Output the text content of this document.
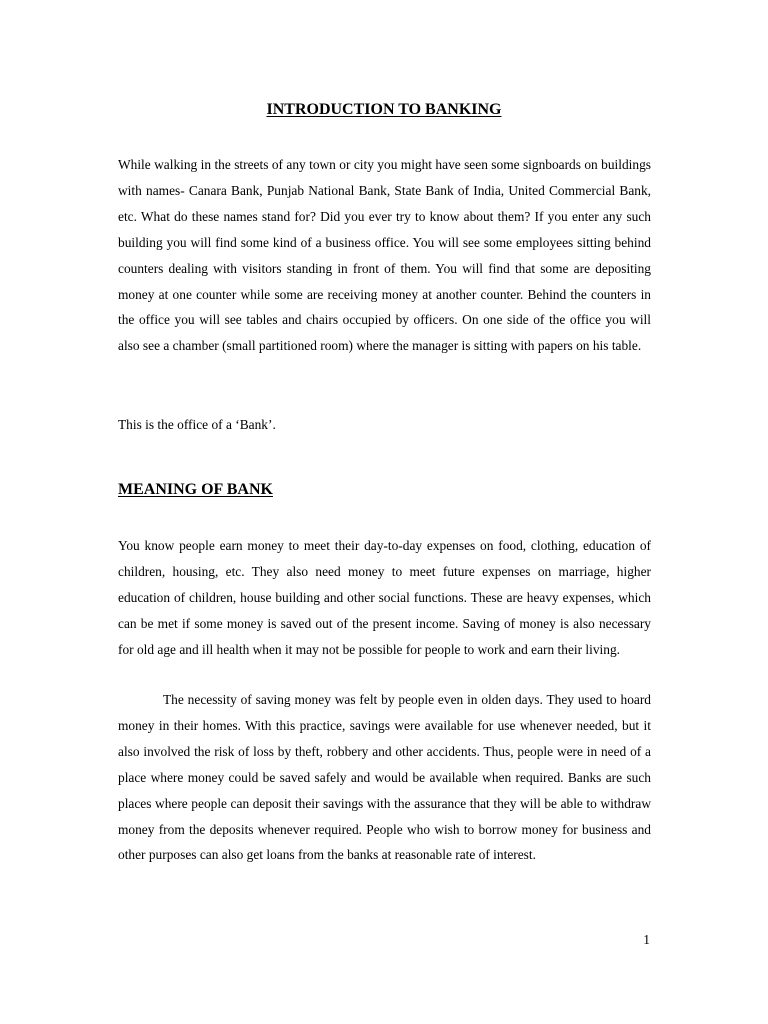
INTRODUCTION TO BANKING

While walking in the streets of any town or city you might have seen some signboards on buildings with names- Canara Bank, Punjab National Bank, State Bank of India, United Commercial Bank, etc. What do these names stand for? Did you ever try to know about them? If you enter any such building you will find some kind of a business office. You will see some employees sitting behind counters dealing with visitors standing in front of them. You will find that some are depositing money at one counter while some are receiving money at another counter. Behind the counters in the office you will see tables and chairs occupied by officers. On one side of the office you will also see a chamber (small partitioned room) where the manager is sitting with papers on his table.

This is the office of a ‘Bank’.

MEANING OF BANK

You know people earn money to meet their day-to-day expenses on food, clothing, education of children, housing, etc. They also need money to meet future expenses on marriage, higher education of children, house building and other social functions. These are heavy expenses, which can be met if some money is saved out of the present income. Saving of money is also necessary for old age and ill health when it may not be possible for people to work and earn their living.

The necessity of saving money was felt by people even in olden days. They used to hoard money in their homes. With this practice, savings were available for use whenever needed, but it also involved the risk of loss by theft, robbery and other accidents. Thus, people were in need of a place where money could be saved safely and would be available when required. Banks are such places where people can deposit their savings with the assurance that they will be able to withdraw money from the deposits whenever required. People who wish to borrow money for business and other purposes can also get loans from the banks at reasonable rate of interest.

1
